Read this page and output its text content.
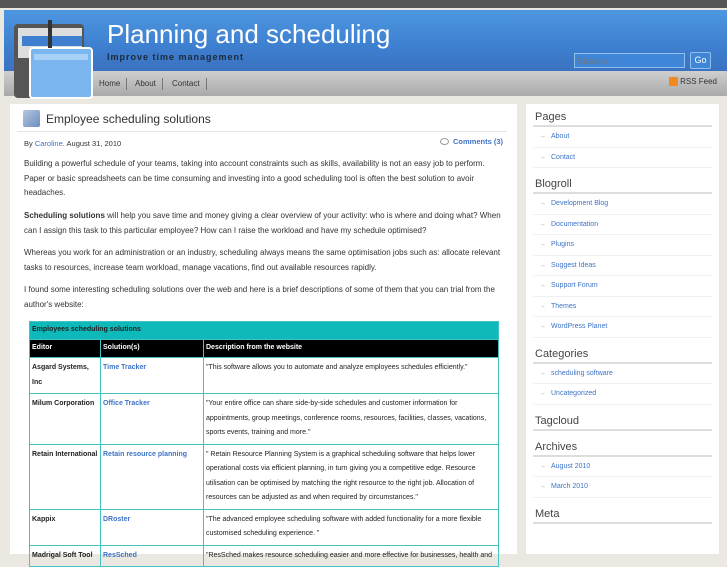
Planning and scheduling
Improve time management
Search...	Go
Home	About	Contact	RSS Feed
Employee scheduling solutions
By Caroline. August 31, 2010	Comments (3)
Building a powerful schedule of your teams, taking into account constraints such as skills, availability is not an easy job to perform. Paper or basic spreadsheets can be time consuming and investing into a good scheduling tool is often the best solution to avoir headaches.
Scheduling solutions will help you save time and money giving a clear overview of your activity: who is where and doing what? When can I assign this task to this particular employee? How can I raise the workload and have my schedule optimised?
Whereas you work for an administration or an industry, scheduling always means the same optimisation jobs such as: allocate relevant tasks to resources, increase team workload, manage vacations, find out available resources rapidly.
I found some interesting scheduling solutions over the web and here is a brief descriptions of some of them that you can trial from the author's website:
Employees scheduling solutions		
Editor	Solution(s)	Description from the website
Asgard Systems, Inc	Time Tracker	"This software allows you to automate and analyze employees schedules efficiently."
Milum Corporation	Office Tracker	"Your entire office can share side-by-side schedules and customer information for appointments, group meetings, conference rooms, resources, facilities, classes, vacations, sports events, training and more."
Retain International	Retain resource planning	" Retain Resource Planning System is a graphical scheduling software that helps lower operational costs via efficient planning, in turn giving you a competitive edge. Resource utilisation can be optimised by matching the right resource to the right job. Allocation of resources can be adjusted as and when required by circumstances."
Kappix	DRoster	"The advanced employee scheduling software with added functionality for a more flexible customised scheduling experience. "
Madrigal Soft Tool	ResSched	"ResSched makes resource scheduling easier and more effective for businesses, health and
Pages
→ About
→ Contact
Blogroll
→ Development Blog
→ Documentation
→ Plugins
→ Suggest Ideas
→ Support Forum
→ Themes
→ WordPress Planet
Categories
→ scheduling software
→ Uncategorized
Tagcloud
Archives
→ August 2010
→ March 2010
Meta
